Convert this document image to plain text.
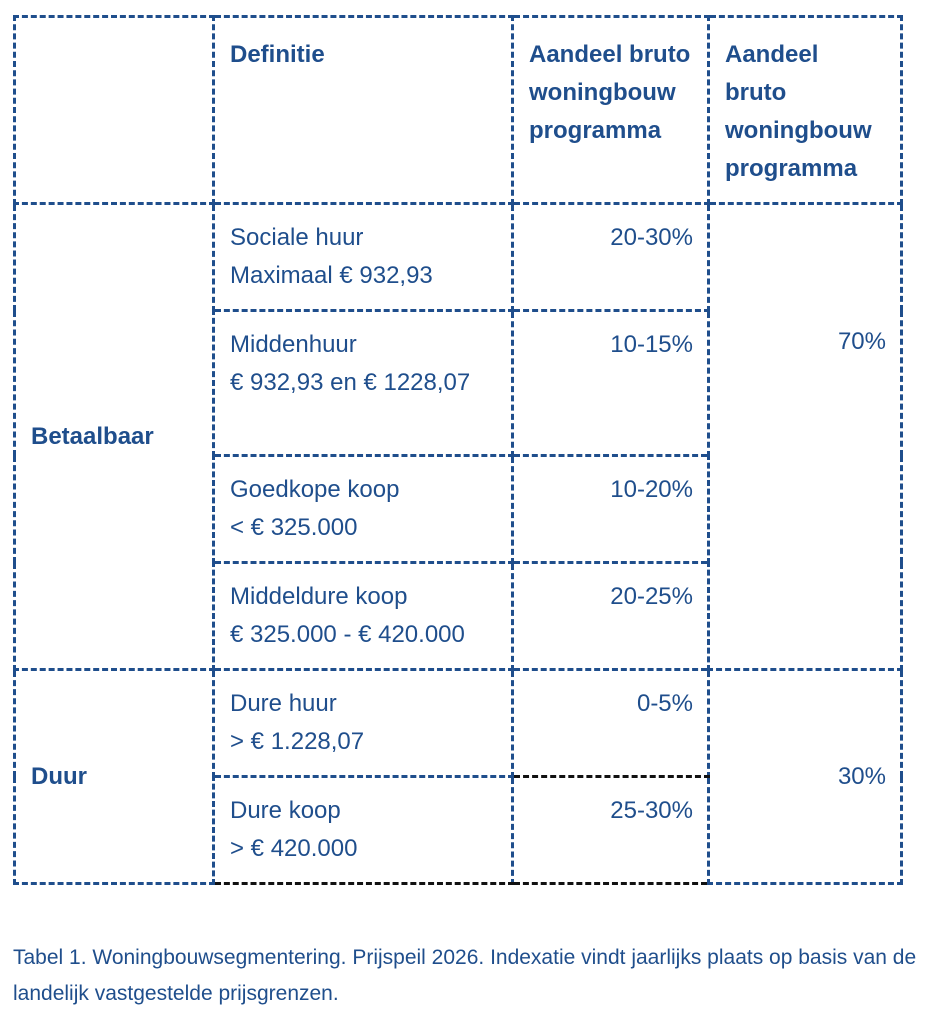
	Definitie	Aandeel bruto woningbouw programma	Aandeel bruto woningbouw programma
Betaalbaar	Sociale huur
Maximaal € 932,93	20-30%	70%

	Middenhuur
€ 932,93 en € 1228,07	10-15%	

	Goedkope koop
< € 325.000	10-20%	

	Middeldure koop
€ 325.000 - € 420.000	20-25%	
Duur	Dure huur
> € 1.228,07	0-5%	30%

	Dure koop
> € 420.000	25-30%	
Tabel 1. Woningbouwsegmentering. Prijspeil 2026. Indexatie vindt jaarlijks plaats op basis van de landelijk vastgestelde prijsgrenzen.
